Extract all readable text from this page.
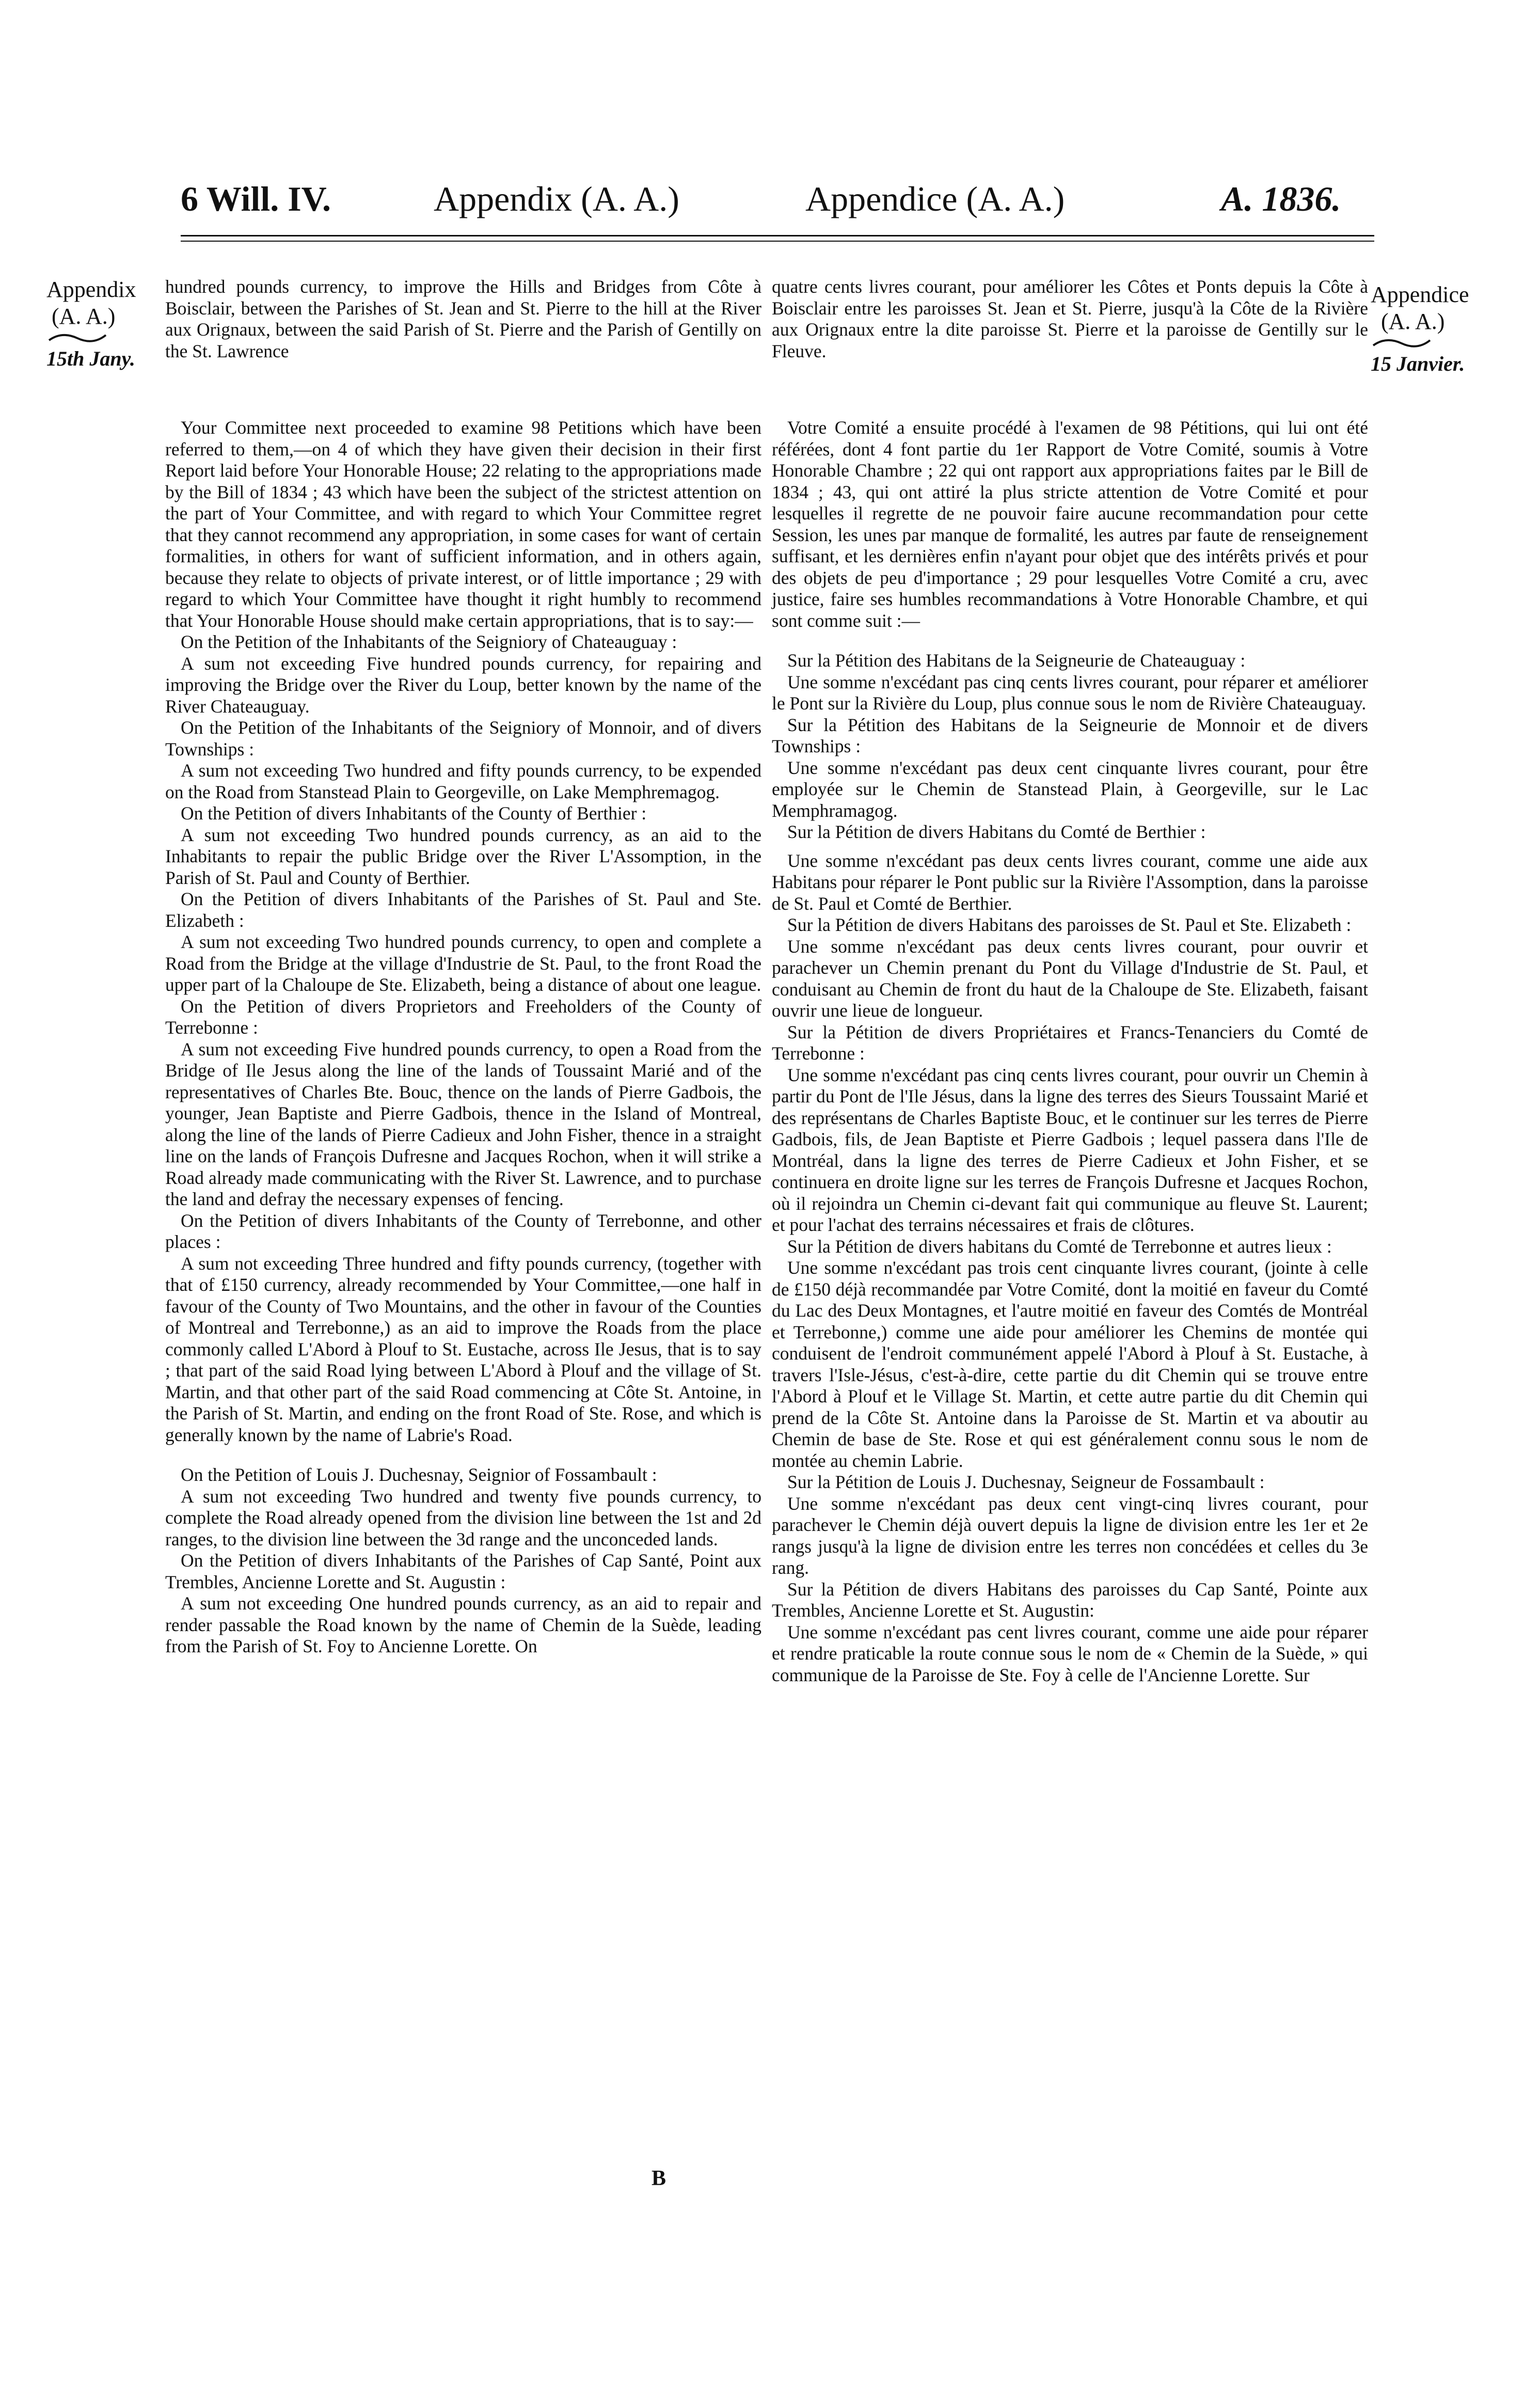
6 Will. IV.	Appendix (A. A.)	Appendice (A. A.)	A. 1836.
Appendix
(A. A.)
15th Jany.
Appendice
(A. A.)
15 Janvier.

hundred pounds currency, to improve the Hills and Bridges from Côte à Boisclair, between the Parishes of St. Jean and St. Pierre to the hill at the River aux Orignaux, between the said Parish of St. Pierre and the Parish of Gentilly on the St. Lawrence

quatre cents livres courant, pour améliorer les Côtes et Ponts depuis la Côte à Boisclair entre les paroisses St. Jean et St. Pierre, jusqu'à la Côte de la Rivière aux Orignaux entre la dite paroisse St. Pierre et la paroisse de Gentilly sur le Fleuve.

Your Committee next proceeded to examine 98 Petitions which have been referred to them,—on 4 of which they have given their decision in their first Report laid before Your Honorable House; 22 relating to the appropriations made by the Bill of 1834 ; 43 which have been the subject of the strictest attention on the part of Your Committee, and with regard to which Your Committee regret that they cannot recommend any appropriation, in some cases for want of certain formalities, in others for want of sufficient information, and in others again, because they relate to objects of private interest, or of little importance ; 29 with regard to which Your Committee have thought it right humbly to recommend that Your Honorable House should make certain appropriations, that is to say:—

On the Petition of the Inhabitants of the Seigniory of Chateauguay :

A sum not exceeding Five hundred pounds currency, for repairing and improving the Bridge over the River du Loup, better known by the name of the River Chateauguay.

On the Petition of the Inhabitants of the Seigniory of Monnoir, and of divers Townships :

A sum not exceeding Two hundred and fifty pounds currency, to be expended on the Road from Stanstead Plain to Georgeville, on Lake Memphremagog.

On the Petition of divers Inhabitants of the County of Berthier :

A sum not exceeding Two hundred pounds currency, as an aid to the Inhabitants to repair the public Bridge over the River L'Assomption, in the Parish of St. Paul and County of Berthier.

On the Petition of divers Inhabitants of the Parishes of St. Paul and Ste. Elizabeth :

A sum not exceeding Two hundred pounds currency, to open and complete a Road from the Bridge at the village d'Industrie de St. Paul, to the front Road the upper part of la Chaloupe de Ste. Elizabeth, being a distance of about one league.

On the Petition of divers Proprietors and Freeholders of the County of Terrebonne :

A sum not exceeding Five hundred pounds currency, to open a Road from the Bridge of Ile Jesus along the line of the lands of Toussaint Marié and of the representatives of Charles Bte. Bouc, thence on the lands of Pierre Gadbois, the younger, Jean Baptiste and Pierre Gadbois, thence in the Island of Montreal, along the line of the lands of Pierre Cadieux and John Fisher, thence in a straight line on the lands of François Dufresne and Jacques Rochon, when it will strike a Road already made communicating with the River St. Lawrence, and to purchase the land and defray the necessary expenses of fencing.

On the Petition of divers Inhabitants of the County of Terrebonne, and other places :

A sum not exceeding Three hundred and fifty pounds currency, (together with that of £150 currency, already recommended by Your Committee,—one half in favour of the County of Two Mountains, and the other in favour of the Counties of Montreal and Terrebonne,) as an aid to improve the Roads from the place commonly called L'Abord à Plouf to St. Eustache, across Ile Jesus, that is to say ; that part of the said Road lying between L'Abord à Plouf and the village of St. Martin, and that other part of the said Road commencing at Côte St. Antoine, in the Parish of St. Martin, and ending on the front Road of Ste. Rose, and which is generally known by the name of Labrie's Road.

On the Petition of Louis J. Duchesnay, Seignior of Fossambault :

A sum not exceeding Two hundred and twenty five pounds currency, to complete the Road already opened from the division line between the 1st and 2d ranges, to the division line between the 3d range and the unconceded lands.

On the Petition of divers Inhabitants of the Parishes of Cap Santé, Point aux Trembles, Ancienne Lorette and St. Augustin :

A sum not exceeding One hundred pounds currency, as an aid to repair and render passable the Road known by the name of Chemin de la Suède, leading from the Parish of St. Foy to Ancienne Lorette. On

Votre Comité a ensuite procédé à l'examen de 98 Pétitions, qui lui ont été référées, dont 4 font partie du 1er Rapport de Votre Comité, soumis à Votre Honorable Chambre ; 22 qui ont rapport aux appropriations faites par le Bill de 1834 ; 43, qui ont attiré la plus stricte attention de Votre Comité et pour lesquelles il regrette de ne pouvoir faire aucune recommandation pour cette Session, les unes par manque de formalité, les autres par faute de renseignement suffisant, et les dernières enfin n'ayant pour objet que des intérêts privés et pour des objets de peu d'importance ; 29 pour lesquelles Votre Comité a cru, avec justice, faire ses humbles recommandations à Votre Honorable Chambre, et qui sont comme suit :—

Sur la Pétition des Habitans de la Seigneurie de Chateauguay :

Une somme n'excédant pas cinq cents livres courant, pour réparer et améliorer le Pont sur la Rivière du Loup, plus connue sous le nom de Rivière Chateauguay.

Sur la Pétition des Habitans de la Seigneurie de Monnoir et de divers Townships :

Une somme n'excédant pas deux cent cinquante livres courant, pour être employée sur le Chemin de Stanstead Plain, à Georgeville, sur le Lac Memphramagog.

Sur la Pétition de divers Habitans du Comté de Berthier :

Une somme n'excédant pas deux cents livres courant, comme une aide aux Habitans pour réparer le Pont public sur la Rivière l'Assomption, dans la paroisse de St. Paul et Comté de Berthier.

Sur la Pétition de divers Habitans des paroisses de St. Paul et Ste. Elizabeth :

Une somme n'excédant pas deux cents livres courant, pour ouvrir et parachever un Chemin prenant du Pont du Village d'Industrie de St. Paul, et conduisant au Chemin de front du haut de la Chaloupe de Ste. Elizabeth, faisant ouvrir une lieue de longueur.

Sur la Pétition de divers Propriétaires et Francs-Tenanciers du Comté de Terrebonne :

Une somme n'excédant pas cinq cents livres courant, pour ouvrir un Chemin à partir du Pont de l'Ile Jésus, dans la ligne des terres des Sieurs Toussaint Marié et des représentans de Charles Baptiste Bouc, et le continuer sur les terres de Pierre Gadbois, fils, de Jean Baptiste et Pierre Gadbois ; lequel passera dans l'Ile de Montréal, dans la ligne des terres de Pierre Cadieux et John Fisher, et se continuera en droite ligne sur les terres de François Dufresne et Jacques Rochon, où il rejoindra un Chemin ci-devant fait qui communique au fleuve St. Laurent; et pour l'achat des terrains nécessaires et frais de clôtures.

Sur la Pétition de divers habitans du Comté de Terrebonne et autres lieux :

Une somme n'excédant pas trois cent cinquante livres courant, (jointe à celle de £150 déjà recommandée par Votre Comité, dont la moitié en faveur du Comté du Lac des Deux Montagnes, et l'autre moitié en faveur des Comtés de Montréal et Terrebonne,) comme une aide pour améliorer les Chemins de montée qui conduisent de l'endroit communément appelé l'Abord à Plouf à St. Eustache, à travers l'Isle-Jésus, c'est-à-dire, cette partie du dit Chemin qui se trouve entre l'Abord à Plouf et le Village St. Martin, et cette autre partie du dit Chemin qui prend de la Côte St. Antoine dans la Paroisse de St. Martin et va aboutir au Chemin de base de Ste. Rose et qui est généralement connu sous le nom de montée au chemin Labrie.

Sur la Pétition de Louis J. Duchesnay, Seigneur de Fossambault :

Une somme n'excédant pas deux cent vingt-cinq livres courant, pour parachever le Chemin déjà ouvert depuis la ligne de division entre les 1er et 2e rangs jusqu'à la ligne de division entre les terres non concédées et celles du 3e rang.

Sur la Pétition de divers Habitans des paroisses du Cap Santé, Pointe aux Trembles, Ancienne Lorette et St. Augustin:

Une somme n'excédant pas cent livres courant, comme une aide pour réparer et rendre praticable la route connue sous le nom de « Chemin de la Suède, » qui communique de la Paroisse de Ste. Foy à celle de l'Ancienne Lorette. Sur

B
